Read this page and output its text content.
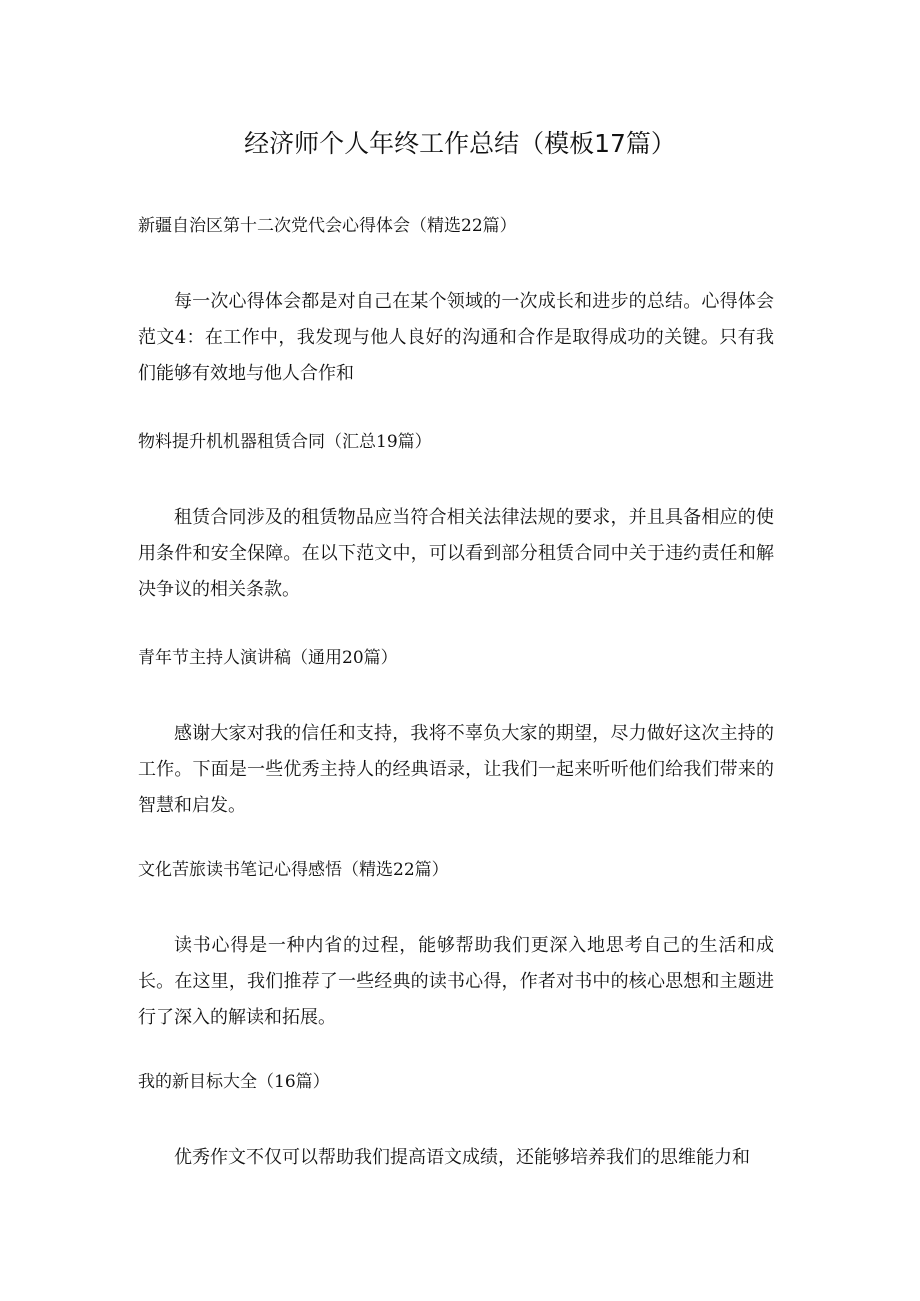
经济师个人年终工作总结（模板17篇）
新疆自治区第十二次党代会心得体会（精选22篇）

每一次心得体会都是对自己在某个领域的一次成长和进步的总结。心得体会范文4：在工作中，我发现与他人良好的沟通和合作是取得成功的关键。只有我们能够有效地与他人合作和

物料提升机机器租赁合同（汇总19篇）

租赁合同涉及的租赁物品应当符合相关法律法规的要求，并且具备相应的使用条件和安全保障。在以下范文中，可以看到部分租赁合同中关于违约责任和解决争议的相关条款。

青年节主持人演讲稿（通用20篇）

感谢大家对我的信任和支持，我将不辜负大家的期望，尽力做好这次主持的工作。下面是一些优秀主持人的经典语录，让我们一起来听听他们给我们带来的智慧和启发。

文化苦旅读书笔记心得感悟（精选22篇）

读书心得是一种内省的过程，能够帮助我们更深入地思考自己的生活和成长。在这里，我们推荐了一些经典的读书心得，作者对书中的核心思想和主题进行了深入的解读和拓展。

我的新目标大全（16篇）

优秀作文不仅可以帮助我们提高语文成绩，还能够培养我们的思维能力和
